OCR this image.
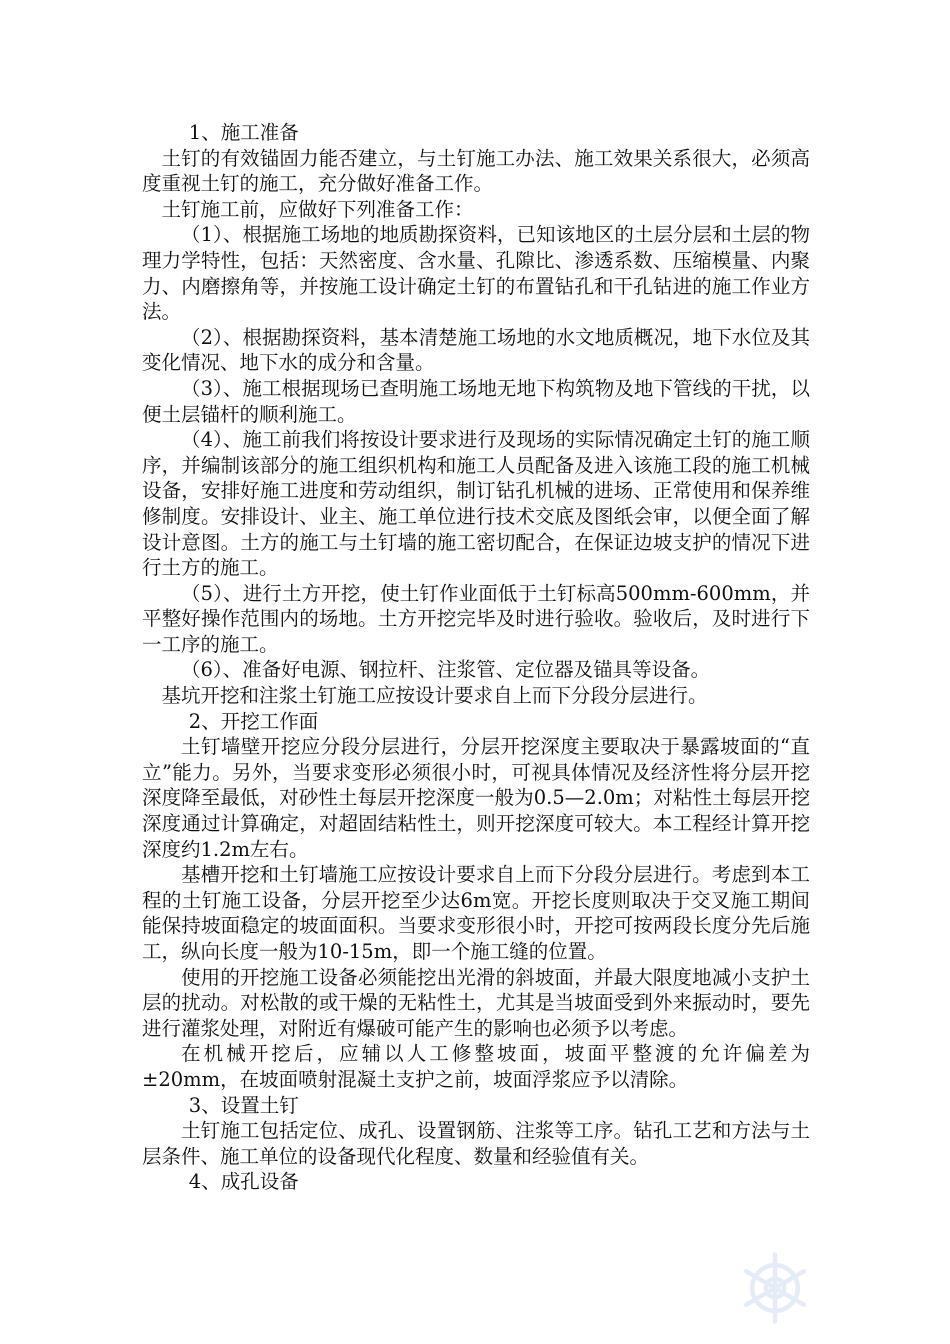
1、施工准备

土钉的有效锚固力能否建立，与土钉施工办法、施工效果关系很大，必须高度重视土钉的施工，充分做好准备工作。

土钉施工前，应做好下列准备工作：

（1）、根据施工场地的地质勘探资料，已知该地区的土层分层和土层的物理力学特性，包括：天然密度、含水量、孔隙比、渗透系数、压缩模量、内聚力、内磨擦角等，并按施工设计确定土钉的布置钻孔和干孔钻进的施工作业方法。

（2）、根据勘探资料，基本清楚施工场地的水文地质概况，地下水位及其变化情况、地下水的成分和含量。

（3）、施工根据现场已查明施工场地无地下构筑物及地下管线的干扰，以便土层锚杆的顺利施工。

（4）、施工前我们将按设计要求进行及现场的实际情况确定土钉的施工顺序，并编制该部分的施工组织机构和施工人员配备及进入该施工段的施工机械设备，安排好施工进度和劳动组织，制订钻孔机械的进场、正常使用和保养维修制度。安排设计、业主、施工单位进行技术交底及图纸会审，以便全面了解设计意图。土方的施工与土钉墙的施工密切配合，在保证边坡支护的情况下进行土方的施工。

（5）、进行土方开挖，使土钉作业面低于土钉标高500mm-600mm，并平整好操作范围内的场地。土方开挖完毕及时进行验收。验收后，及时进行下一工序的施工。

（6）、准备好电源、钢拉杆、注浆管、定位器及锚具等设备。

基坑开挖和注浆土钉施工应按设计要求自上而下分段分层进行。

2、开挖工作面

土钉墙壁开挖应分段分层进行，分层开挖深度主要取决于暴露坡面的“直立”能力。另外，当要求变形必须很小时，可视具体情况及经济性将分层开挖深度降至最低，对砂性土每层开挖深度一般为0.5—2.0m；对粘性土每层开挖深度通过计算确定，对超固结粘性土，则开挖深度可较大。本工程经计算开挖深度约1.2m左右。

基槽开挖和土钉墙施工应按设计要求自上而下分段分层进行。考虑到本工程的土钉施工设备，分层开挖至少达6m宽。开挖长度则取决于交叉施工期间能保持坡面稳定的坡面面积。当要求变形很小时，开挖可按两段长度分先后施工，纵向长度一般为10-15m，即一个施工缝的位置。

使用的开挖施工设备必须能挖出光滑的斜坡面，并最大限度地减小支护土层的扰动。对松散的或干燥的无粘性土，尤其是当坡面受到外来振动时，要先进行灌浆处理，对附近有爆破可能产生的影响也必须予以考虑。

在机械开挖后，应辅以人工修整坡面，坡面平整渡的允许偏差为±20mm，在坡面喷射混凝土支护之前，坡面浮浆应予以清除。

3、设置土钉

土钉施工包括定位、成孔、设置钢筋、注浆等工序。钻孔工艺和方法与土层条件、施工单位的设备现代化程度、数量和经验值有关。

4、成孔设备
